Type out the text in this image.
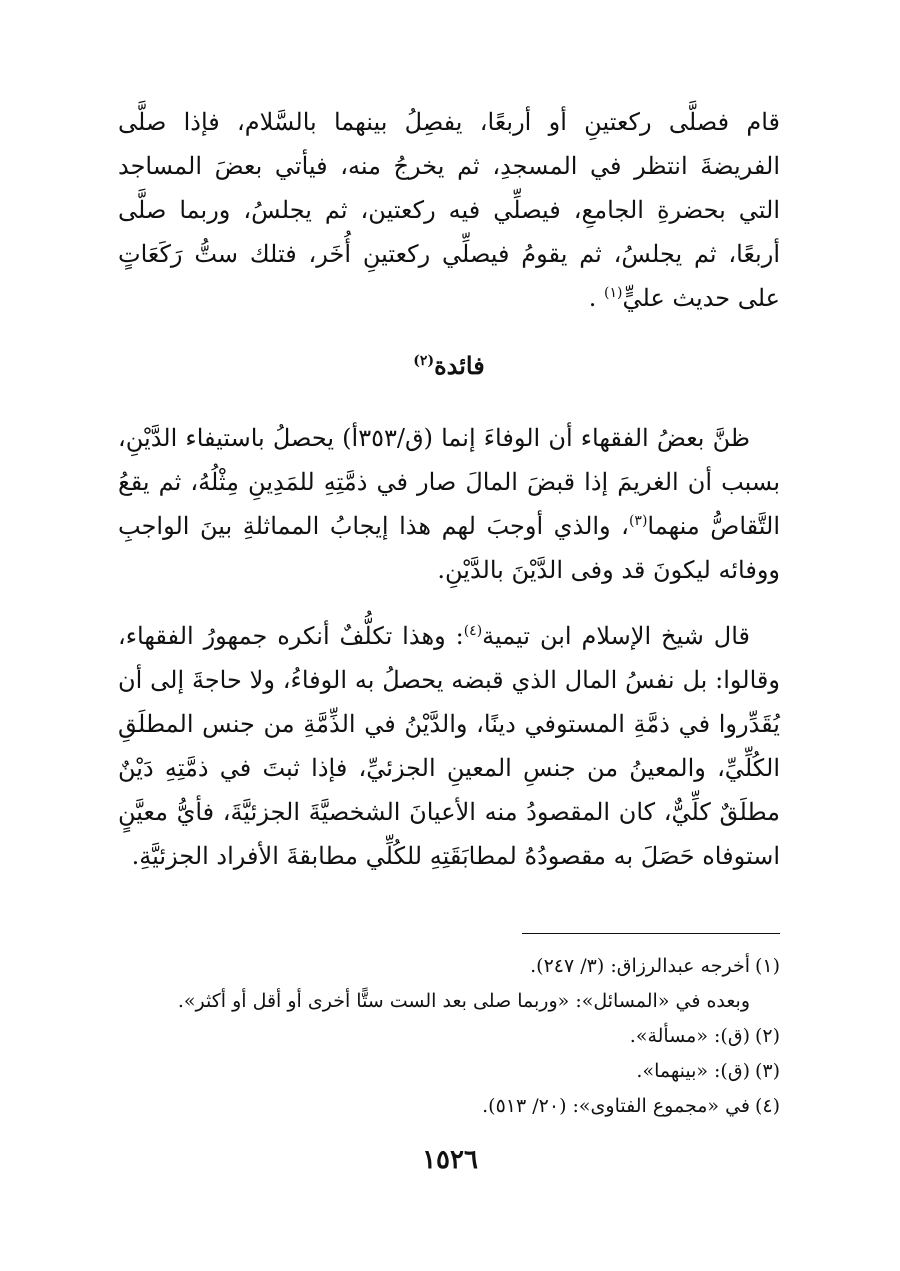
قام فصلَّى ركعتينِ أو أربعًا، يفصِلُ بينهما بالسَّلام، فإذا صلَّى الفريضةَ انتظر في المسجدِ، ثم يخرجُ منه، فيأتي بعضَ المساجد التي بحضرةِ الجامعِ، فيصلِّي فيه ركعتين، ثم يجلسُ، وربما صلَّى أربعًا، ثم يجلسُ، ثم يقومُ فيصلِّي ركعتينِ أُخَر، فتلك ستُّ رَكَعَاتٍ على حديث عليٍّ$^{(١)}$ .

فائدة$^{(٢)}$

ظنَّ بعضُ الفقهاء أن الوفاءَ إنما (ق/٣٥٣أ) يحصلُ باستيفاء الدَّيْنِ، بسبب أن الغريمَ إذا قبضَ المالَ صار في ذمَّتِهِ للمَدِينِ مِثْلُهُ، ثم يقعُ التَّقاصُّ منهما$^{(٣)}$، والذي أوجبَ لهم هذا إيجابُ المماثلةِ بينَ الواجبِ ووفائه ليكونَ قد وفى الدَّيْنَ بالدَّيْنِ.

قال شيخ الإسلام ابن تيمية$^{(٤)}$: وهذا تكلُّفٌ أنكره جمهورُ الفقهاء، وقالوا: بل نفسُ المال الذي قبضه يحصلُ به الوفاءُ، ولا حاجةَ إلى أن يُقَدِّروا في ذمَّةِ المستوفي دينًا، والدَّيْنُ في الذِّمَّةِ من جنس المطلَقِ الكُلِّيِّ، والمعينُ من جنسِ المعينِ الجزئيِّ، فإذا ثبتَ في ذمَّتِهِ دَيْنٌ مطلَقٌ كلِّيٌّ، كان المقصودُ منه الأعيانَ الشخصيَّةَ الجزئيَّةَ، فأيُّ معيَّنٍ استوفاه حَصَلَ به مقصودُهُ لمطابَقَتِهِ للكُلِّي مطابقةَ الأفراد الجزئيَّةِ.

(١)أخرجه عبدالرزاق: (٣/ ٢٤٧).
وبعده في «المسائل»: «وربما صلى بعد الست ستًّا أخرى أو أقل أو أكثر».
(٢)(ق): «مسألة».
(٣)(ق): «بينهما».
(٤)في «مجموع الفتاوى»: (٢٠/ ٥١٣).
١٥٢٦
